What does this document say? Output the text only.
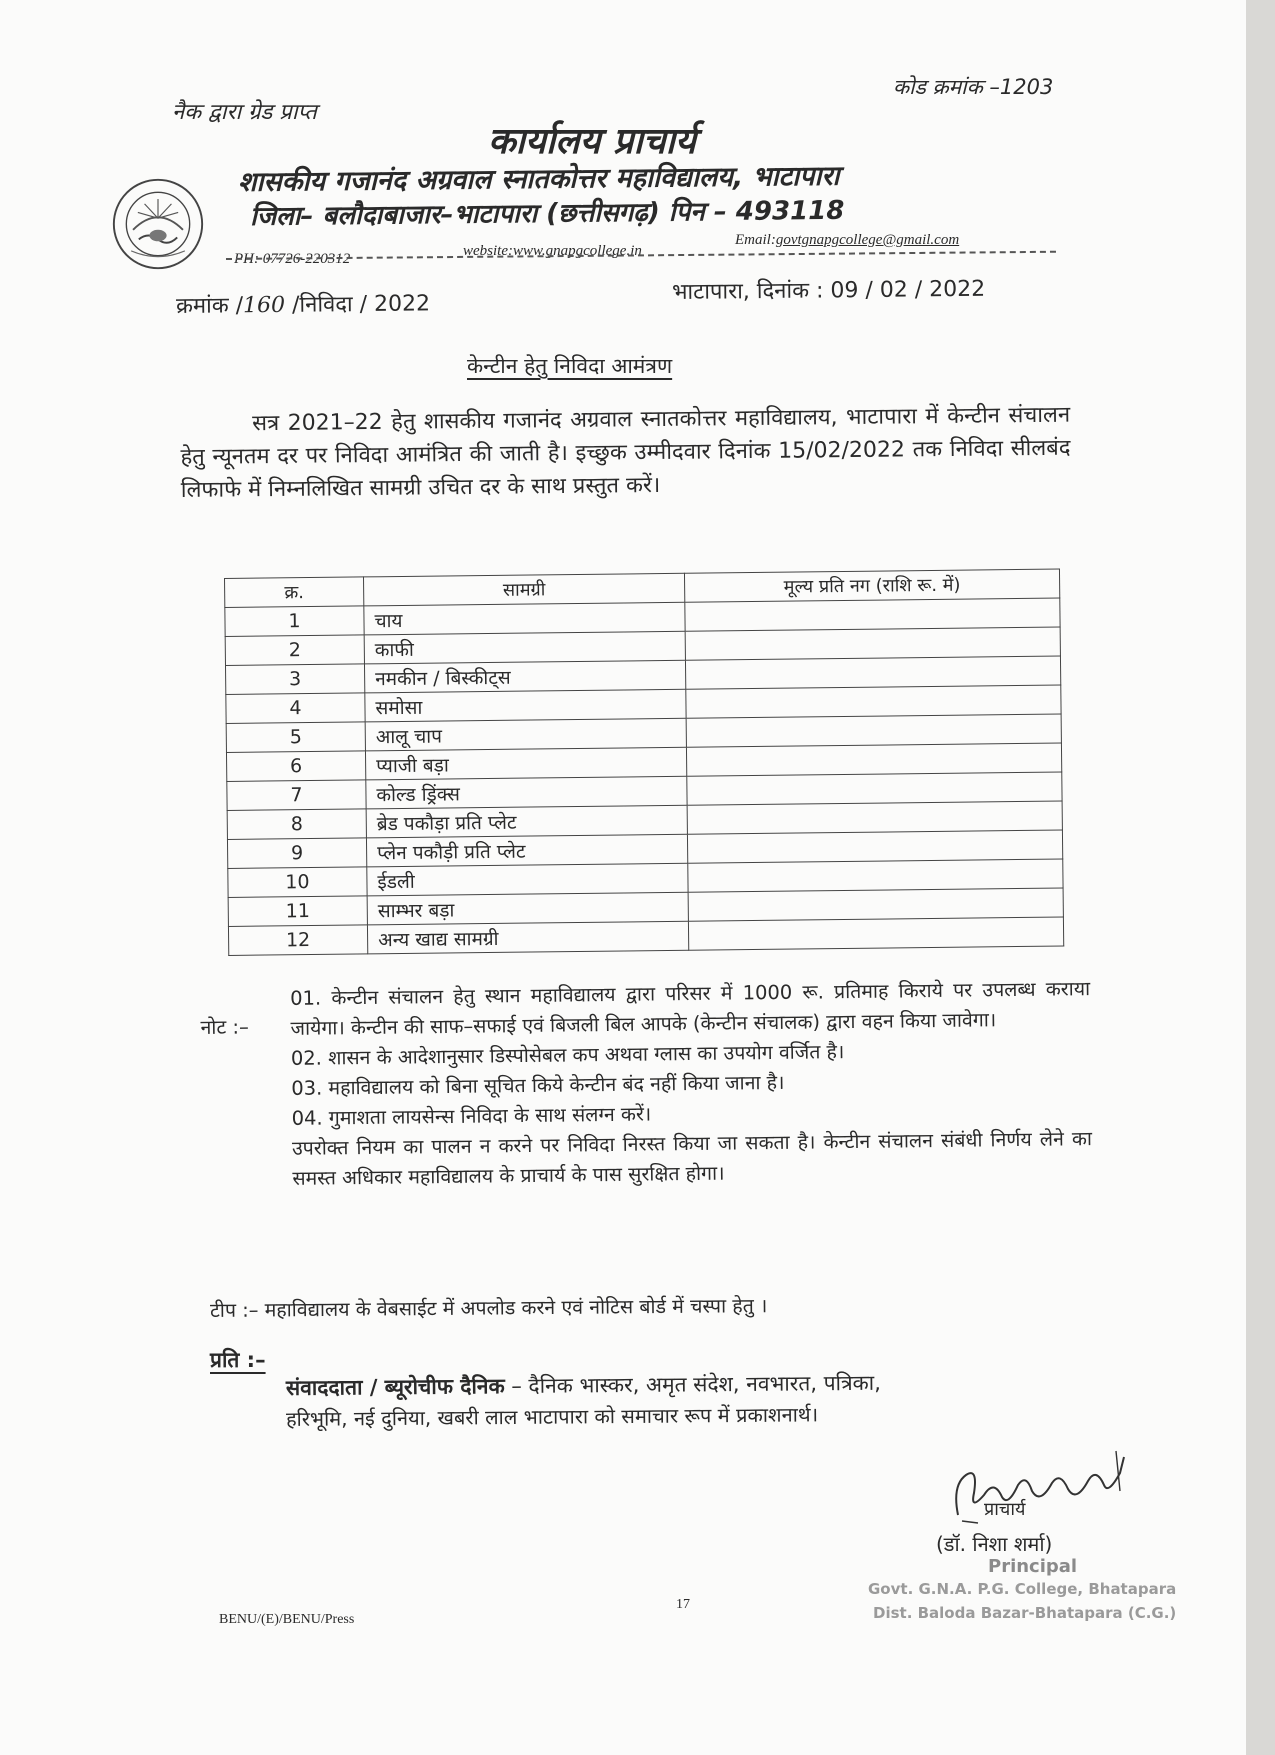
नैक द्वारा ग्रेड प्राप्त
कोड क्रमांक –1203
कार्यालय प्राचार्य
शासकीय गजानंद अग्रवाल स्नातकोत्तर महाविद्यालय, भाटापारा
जिला– बलौदाबाजार–भाटापारा (छत्तीसगढ़) पिन – 493118
PH: 07726-220312	website:www.gnapgcollege.in
Email:govtgnapgcollege@gmail.com
क्रमांक /160 /निविदा / 2022	भाटापारा, दिनांक : 09 / 02 / 2022
केन्टीन हेतु निविदा आमंत्रण
सत्र 2021–22 हेतु शासकीय गजानंद अग्रवाल स्नातकोत्तर महाविद्यालय, भाटापारा में केन्टीन संचालन हेतु न्यूनतम दर पर निविदा आमंत्रित की जाती है। इच्छुक उम्मीदवार दिनांक 15/02/2022 तक निविदा सीलबंद लिफाफे में निम्नलिखित सामग्री उचित दर के साथ प्रस्तुत करें।
क्र.	सामग्री	मूल्य प्रति नग (राशि रू. में)
1	चाय	
2	काफी	
3	नमकीन / बिस्कीट्स	
4	समोसा	
5	आलू चाप	
6	प्याजी बड़ा	
7	कोल्ड ड्रिंक्स	
8	ब्रेड पकौड़ा प्रति प्लेट	
9	प्लेन पकौड़ी प्रति प्लेट	
10	ईडली	
11	साम्भर बड़ा	
12	अन्य खाद्य सामग्री	
नोट :–

01. केन्टीन संचालन हेतु स्थान महाविद्यालय द्वारा परिसर में 1000 रू. प्रतिमाह किराये पर उपलब्ध कराया जायेगा। केन्टीन की साफ–सफाई एवं बिजली बिल आपके (केन्टीन संचालक) द्वारा वहन किया जावेगा।

02. शासन के आदेशानुसार डिस्पोसेबल कप अथवा ग्लास का उपयोग वर्जित है।

03. महाविद्यालय को बिना सूचित किये केन्टीन बंद नहीं किया जाना है।

04. गुमाशता लायसेन्स निविदा के साथ संलग्न करें।

उपरोक्त नियम का पालन न करने पर निविदा निरस्त किया जा सकता है। केन्टीन संचालन संबंधी निर्णय लेने का समस्त अधिकार महाविद्यालय के प्राचार्य के पास सुरक्षित होगा।

टीप :– महाविद्यालय के वेबसाईट में अपलोड करने एवं नोटिस बोर्ड में चस्पा हेतु ।
प्रति :–
संवाददाता / ब्यूरोचीफ दैनिक – दैनिक भास्कर, अमृत संदेश, नवभारत, पत्रिका,
हरिभूमि, नई दुनिया, खबरी लाल भाटापारा को समाचार रूप में प्रकाशनार्थ।
प्राचार्य
(डॉ. निशा शर्मा)
Principal
Govt. G.N.A. P.G. College, Bhatapara
Dist. Baloda Bazar-Bhatapara (C.G.)
BENU/(E)/BENU/Press
17
